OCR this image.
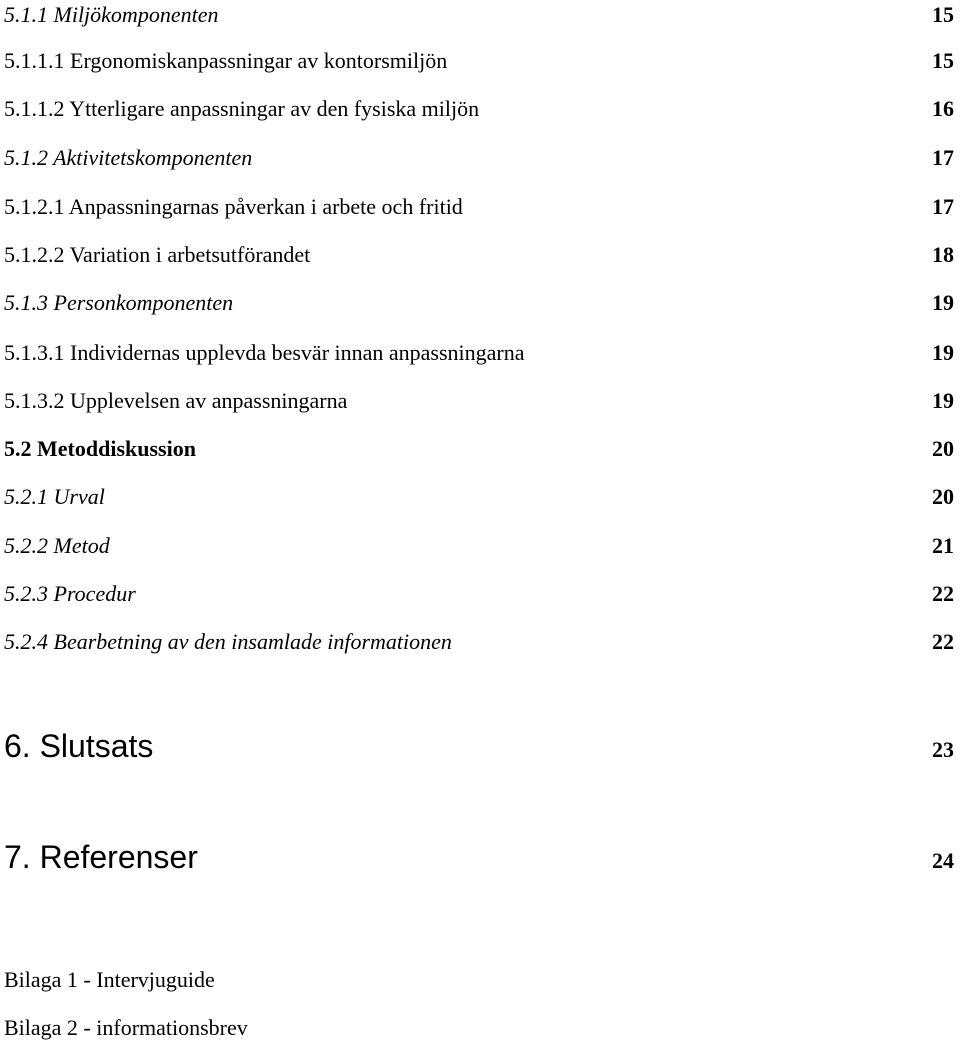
5.1.1 Miljökomponenten	15
5.1.1.1 Ergonomiskanpassningar av kontorsmiljön	15
5.1.1.2 Ytterligare anpassningar av den fysiska miljön	16
5.1.2 Aktivitetskomponenten	17
5.1.2.1 Anpassningarnas påverkan i arbete och fritid	17
5.1.2.2 Variation i arbetsutförandet	18
5.1.3 Personkomponenten	19
5.1.3.1 Individernas upplevda besvär innan anpassningarna	19
5.1.3.2 Upplevelsen av anpassningarna	19
5.2 Metoddiskussion	20
5.2.1 Urval	20
5.2.2 Metod	21
5.2.3 Procedur	22
5.2.4 Bearbetning av den insamlade informationen	22
6. Slutsats	23
7. Referenser	24
Bilaga 1 - Intervjuguide
Bilaga 2 - informationsbrev
